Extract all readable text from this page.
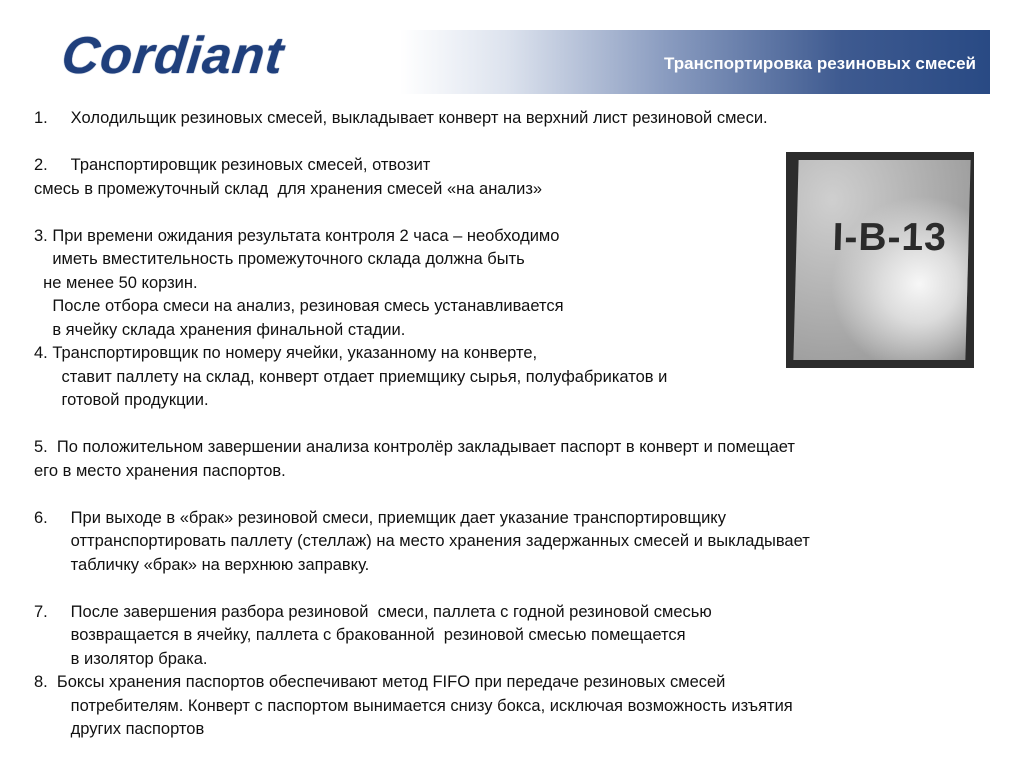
Cordiant	Транспортировка резиновых смесей

1.     Холодильщик резиновых смесей, выкладывает конверт на верхний лист резиновой смеси.

2.     Транспортировщик резиновых смесей, отвозит

смесь в промежуточный склад  для хранения смесей «на анализ»

3. При времени ожидания результата контроля 2 часа – необходимо

иметь вместительность промежуточного склада должна быть

не менее 50 корзин.

После отбора смеси на анализ, резиновая смесь устанавливается

в ячейку склада хранения финальной стадии.

4. Транспортировщик по номеру ячейки, указанному на конверте,

ставит паллету на склад, конверт отдает приемщику сырья, полуфабрикатов и

готовой продукции.

5.  По положительном завершении анализа контролёр закладывает паспорт в конверт и помещает

его в место хранения паспортов.

6.     При выходе в «брак» резиновой смеси, приемщик дает указание транспортировщику

оттранспортировать паллету (стеллаж) на место хранения задержанных смесей и выкладывает

табличку «брак» на верхнюю заправку.

7.     После завершения разбора резиновой  смеси, паллета с годной резиновой смесью

возвращается в ячейку, паллета с бракованной  резиновой смесью помещается

в изолятор брака.

8.  Боксы хранения паспортов обеспечивают метод FIFO при передаче резиновых смесей

потребителям. Конверт с паспортом вынимается снизу бокса, исключая возможность изъятия

других паспортов

I-B-13
